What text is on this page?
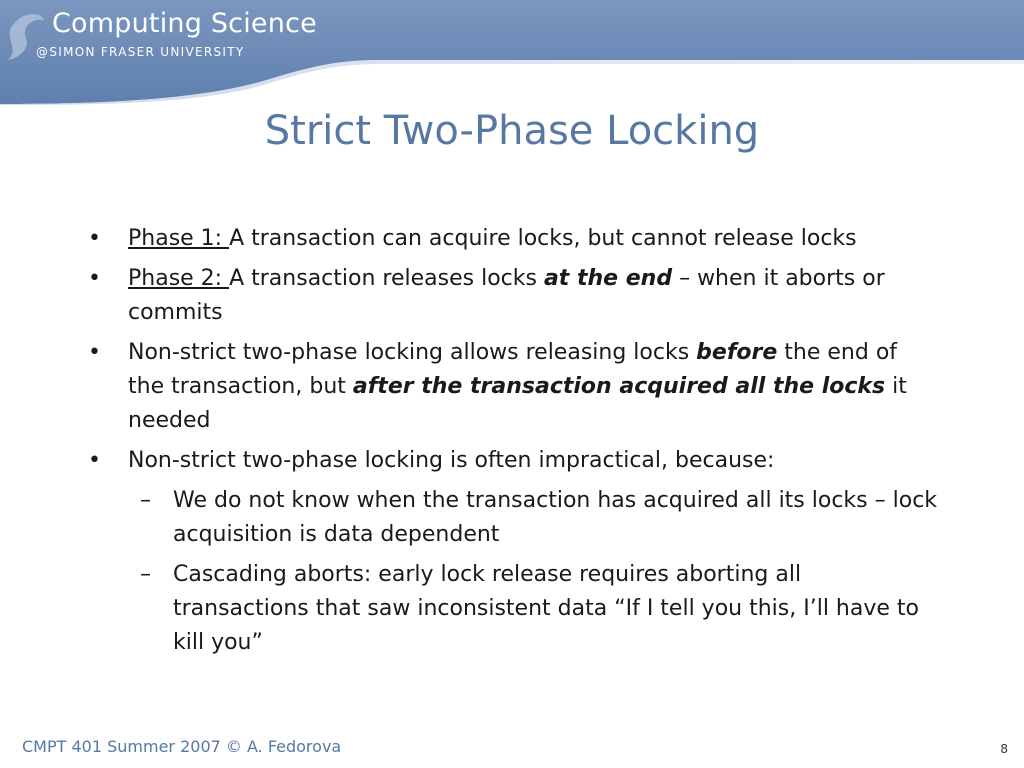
Computing Science
@SIMON FRASER UNIVERSITY
Strict Two-Phase Locking
• Phase 1: A transaction can acquire locks, but cannot release locks
• Phase 2: A transaction releases locks at the end – when it aborts or commits
• Non-strict two-phase locking allows releasing locks before the end of the transaction, but after the transaction acquired all the locks it needed
• Non-strict two-phase locking is often impractical, because:
– We do not know when the transaction has acquired all its locks – lock acquisition is data dependent
– Cascading aborts: early lock release requires aborting all transactions that saw inconsistent data “If I tell you this, I’ll have to kill you”
CMPT 401 Summer 2007 © A. Fedorova	8
